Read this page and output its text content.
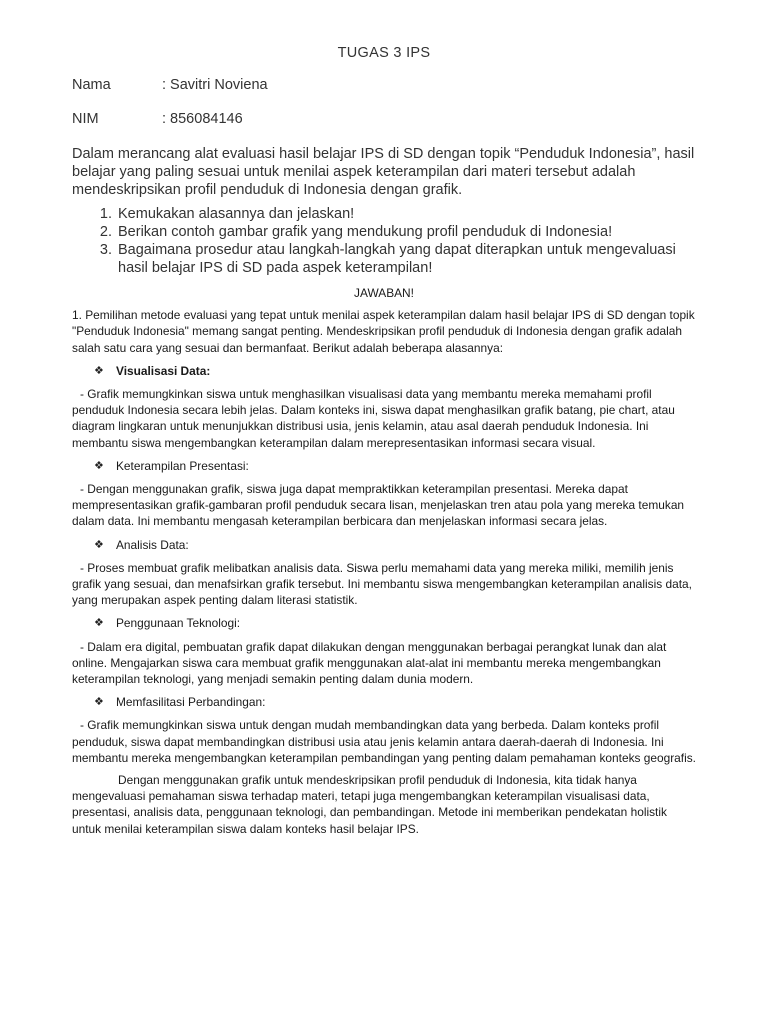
TUGAS 3 IPS
Nama	: Savitri Noviena
NIM	: 856084146

Dalam merancang alat evaluasi hasil belajar IPS di SD dengan topik “Penduduk Indonesia”, hasil belajar yang paling sesuai untuk menilai aspek keterampilan dari materi tersebut adalah mendeskripsikan profil penduduk di Indonesia dengan grafik.

1. Kemukakan alasannya dan jelaskan!
2. Berikan contoh gambar grafik yang mendukung profil penduduk di Indonesia!
3. Bagaimana prosedur atau langkah-langkah yang dapat diterapkan untuk mengevaluasi hasil belajar IPS di SD pada aspek keterampilan!
JAWABAN!

1. Pemilihan metode evaluasi yang tepat untuk menilai aspek keterampilan dalam hasil belajar IPS di SD dengan topik "Penduduk Indonesia" memang sangat penting. Mendeskripsikan profil penduduk di Indonesia dengan grafik adalah salah satu cara yang sesuai dan bermanfaat. Berikut adalah beberapa alasannya:

❖	Visualisasi Data:

- Grafik memungkinkan siswa untuk menghasilkan visualisasi data yang membantu mereka memahami profil penduduk Indonesia secara lebih jelas. Dalam konteks ini, siswa dapat menghasilkan grafik batang, pie chart, atau diagram lingkaran untuk menunjukkan distribusi usia, jenis kelamin, atau asal daerah penduduk Indonesia. Ini membantu siswa mengembangkan keterampilan dalam merepresentasikan informasi secara visual.

❖	Keterampilan Presentasi:

- Dengan menggunakan grafik, siswa juga dapat mempraktikkan keterampilan presentasi. Mereka dapat mempresentasikan grafik-gambaran profil penduduk secara lisan, menjelaskan tren atau pola yang mereka temukan dalam data. Ini membantu mengasah keterampilan berbicara dan menjelaskan informasi secara jelas.

❖	Analisis Data:

- Proses membuat grafik melibatkan analisis data. Siswa perlu memahami data yang mereka miliki, memilih jenis grafik yang sesuai, dan menafsirkan grafik tersebut. Ini membantu siswa mengembangkan keterampilan analisis data, yang merupakan aspek penting dalam literasi statistik.

❖	Penggunaan Teknologi:

- Dalam era digital, pembuatan grafik dapat dilakukan dengan menggunakan berbagai perangkat lunak dan alat online. Mengajarkan siswa cara membuat grafik menggunakan alat-alat ini membantu mereka mengembangkan keterampilan teknologi, yang menjadi semakin penting dalam dunia modern.

❖	Memfasilitasi Perbandingan:

- Grafik memungkinkan siswa untuk dengan mudah membandingkan data yang berbeda. Dalam konteks profil penduduk, siswa dapat membandingkan distribusi usia atau jenis kelamin antara daerah-daerah di Indonesia. Ini membantu mereka mengembangkan keterampilan pembandingan yang penting dalam pemahaman konteks geografis.

Dengan menggunakan grafik untuk mendeskripsikan profil penduduk di Indonesia, kita tidak hanya mengevaluasi pemahaman siswa terhadap materi, tetapi juga mengembangkan keterampilan visualisasi data, presentasi, analisis data, penggunaan teknologi, dan pembandingan. Metode ini memberikan pendekatan holistik untuk menilai keterampilan siswa dalam konteks hasil belajar IPS.
